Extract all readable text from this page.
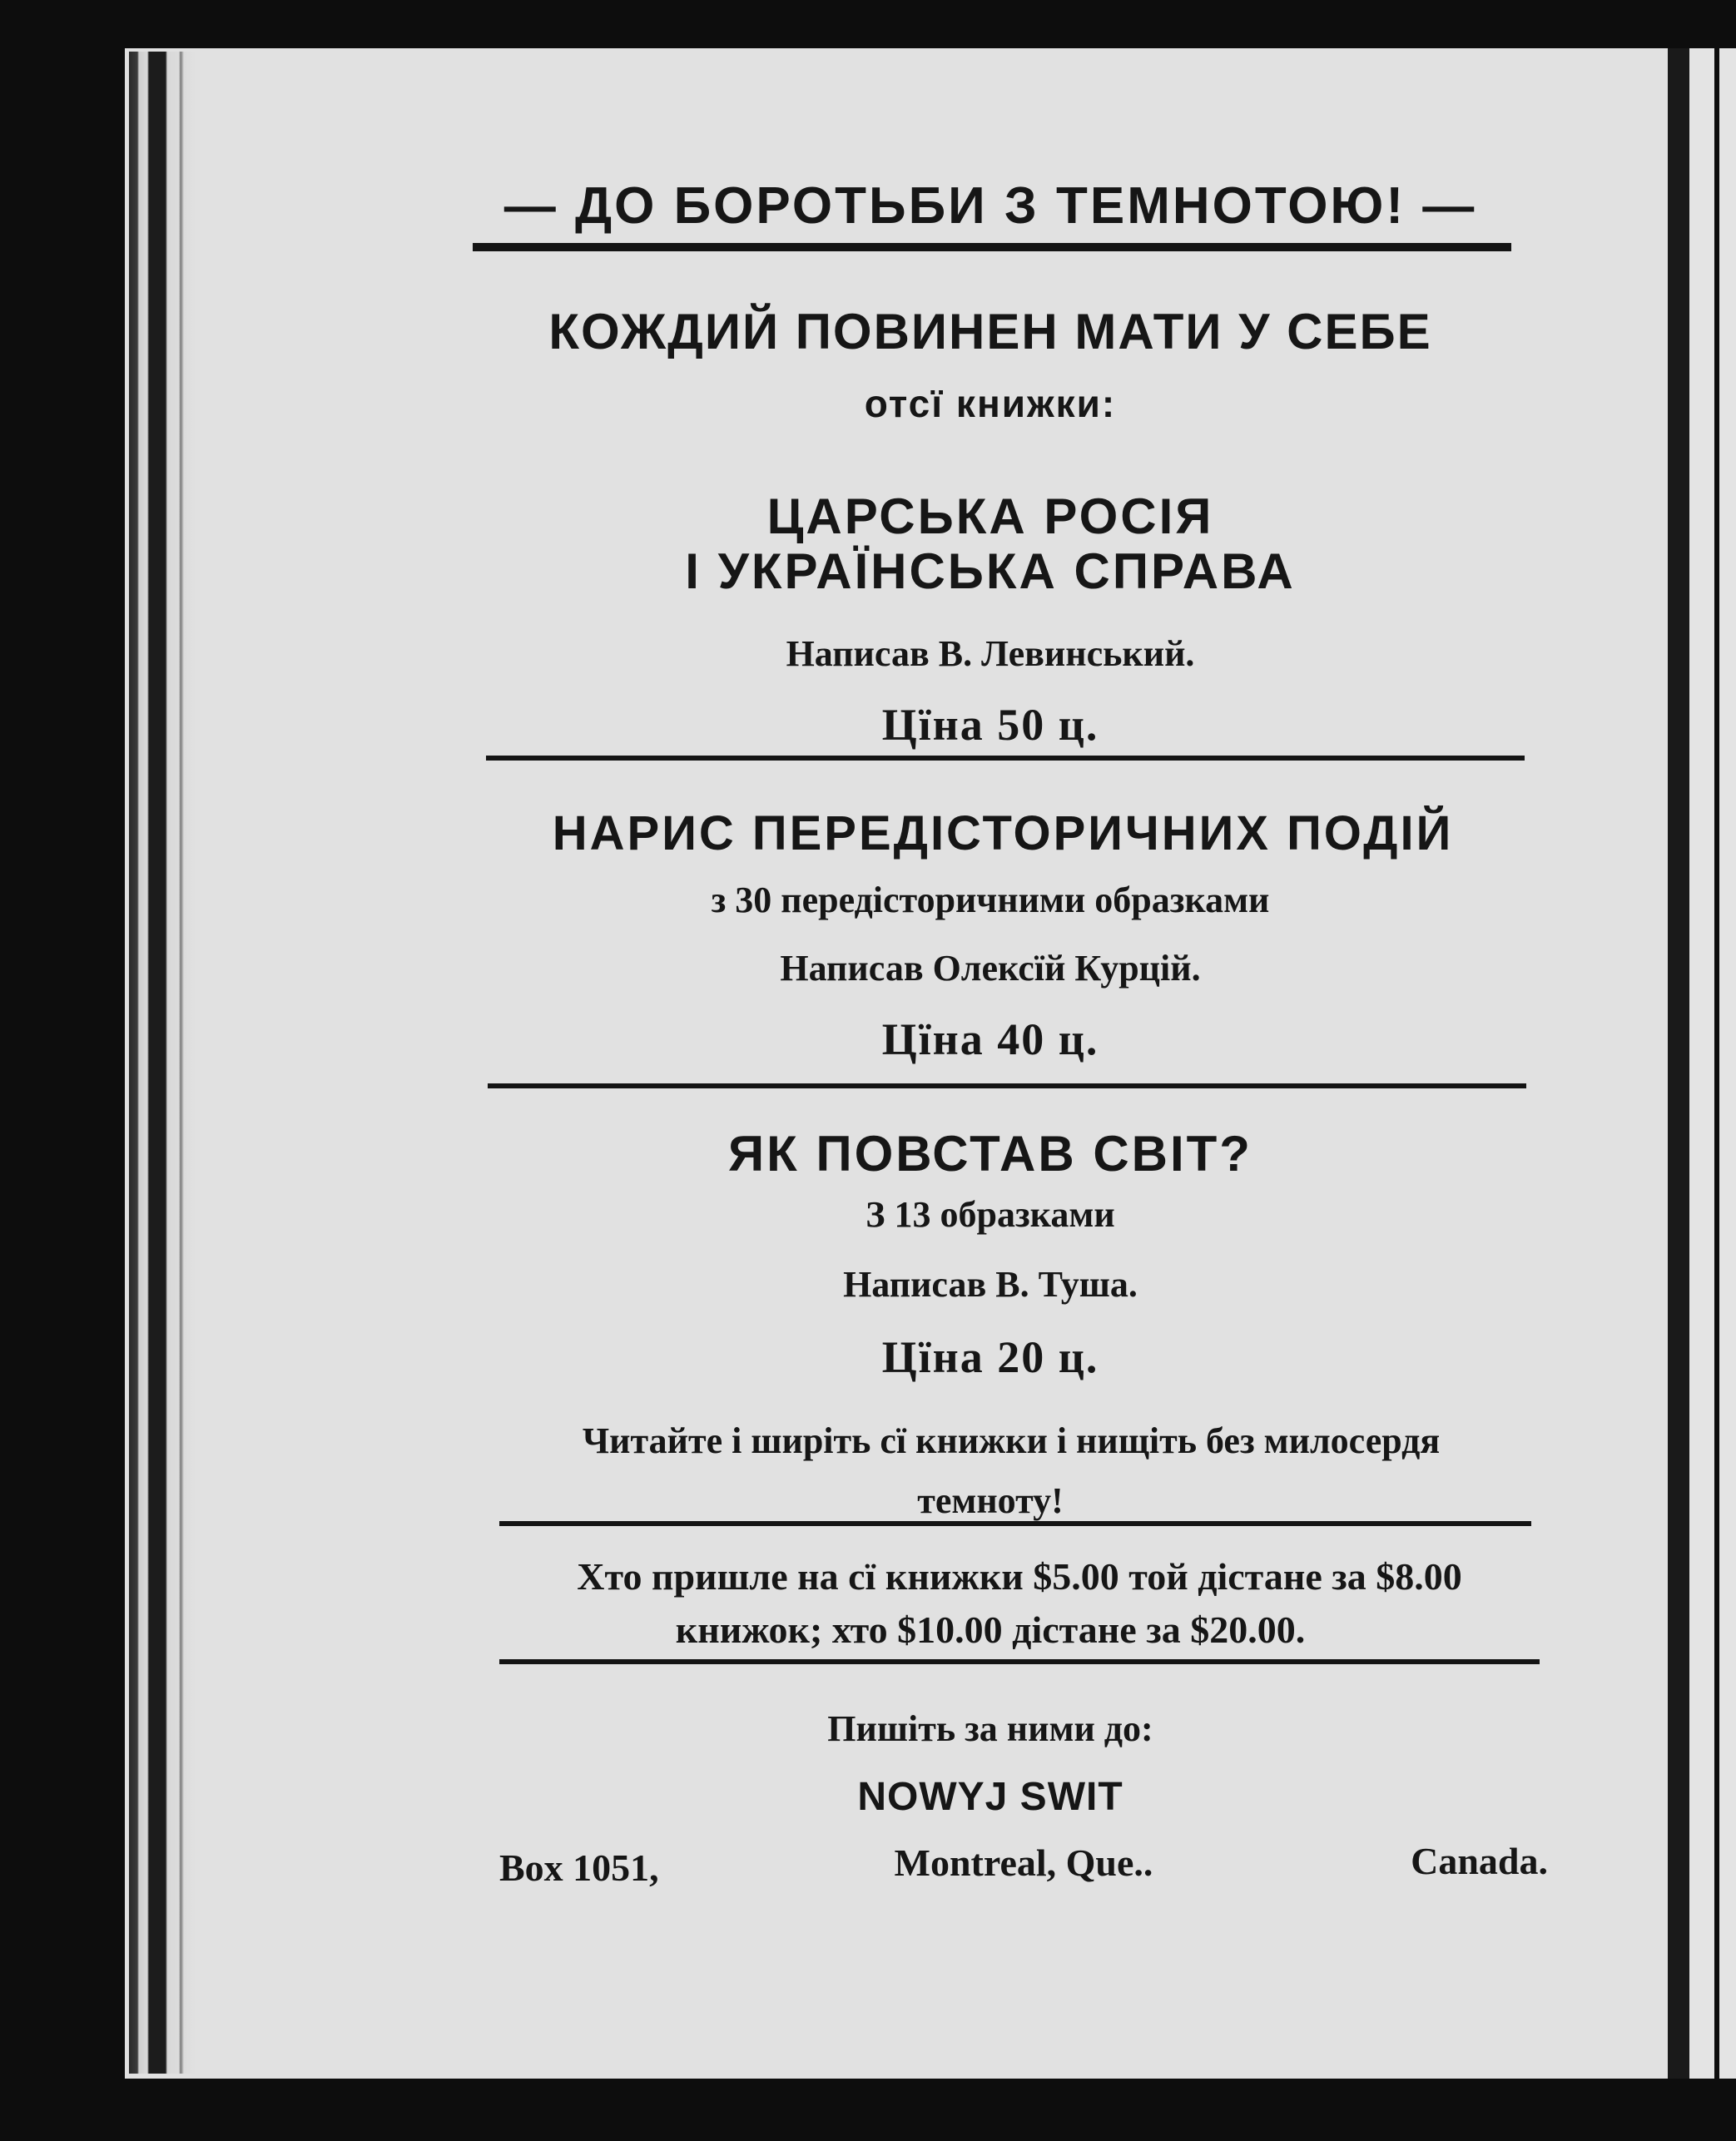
— ДО БОРОТЬБИ З ТЕМНОТОЮ! —
КОЖДИЙ ПОВИНЕН МАТИ У СЕБЕ
отсї книжки:
ЦАРСЬКА РОСІЯ
І УКРАЇНСЬКА СПРАВА
Написав В. Левинський.
Цїна 50 ц.
НАРИС ПЕРЕДІСТОРИЧНИХ ПОДІЙ
з 30 передісторичними образками
Написав Олексїй Курцій.
Цїна 40 ц.
ЯК ПОВСТАВ СВІТ?
З 13 образками
Написав В. Туша.
Цїна 20 ц.
Читайте і ширіть сї книжки і нищіть без милосердя
темноту!
Хто пришле на сї книжки $5.00 той дістане за $8.00
книжок; хто $10.00 дістане за $20.00.
Пишіть за ними до:
NOWYJ SWIT
Box 1051,	Montreal, Que..	Canada.
